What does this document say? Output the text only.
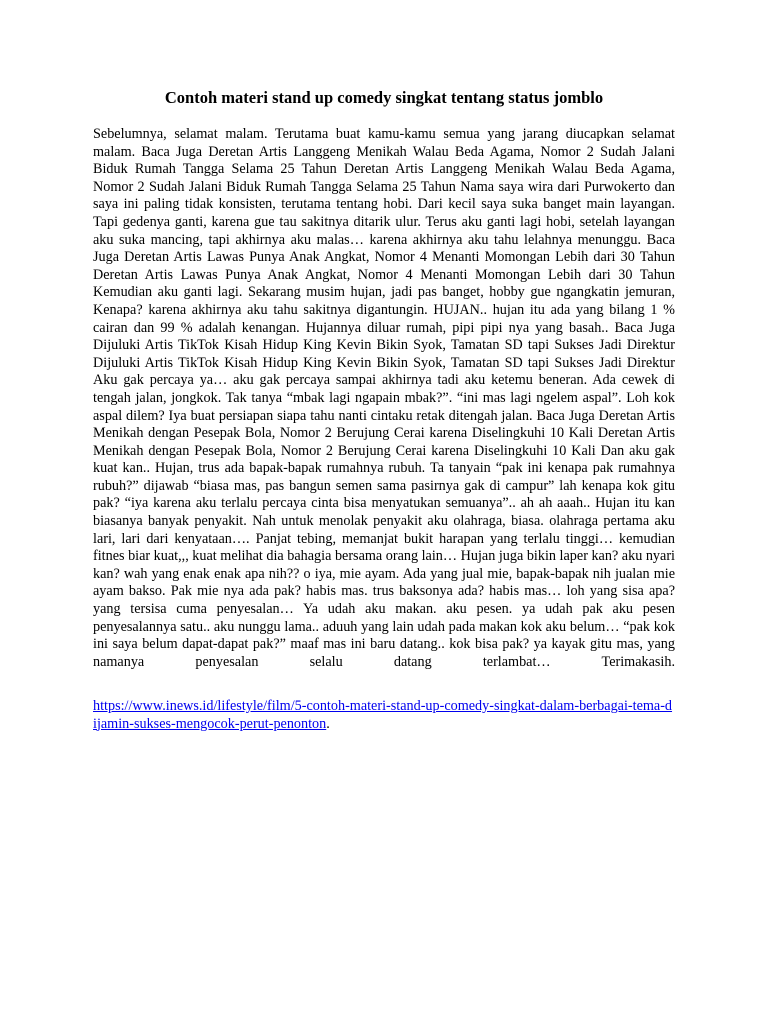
Contoh materi stand up comedy singkat tentang status jomblo

Sebelumnya, selamat malam. Terutama buat kamu-kamu semua yang jarang diucapkan selamat malam. Baca Juga Deretan Artis Langgeng Menikah Walau Beda Agama, Nomor 2 Sudah Jalani Biduk Rumah Tangga Selama 25 Tahun Deretan Artis Langgeng Menikah Walau Beda Agama, Nomor 2 Sudah Jalani Biduk Rumah Tangga Selama 25 Tahun Nama saya wira dari Purwokerto dan saya ini paling tidak konsisten, terutama tentang hobi. Dari kecil saya suka banget main layangan. Tapi gedenya ganti, karena gue tau sakitnya ditarik ulur. Terus aku ganti lagi hobi, setelah layangan aku suka mancing, tapi akhirnya aku malas… karena akhirnya aku tahu lelahnya menunggu. Baca Juga Deretan Artis Lawas Punya Anak Angkat, Nomor 4 Menanti Momongan Lebih dari 30 Tahun Deretan Artis Lawas Punya Anak Angkat, Nomor 4 Menanti Momongan Lebih dari 30 Tahun Kemudian aku ganti lagi. Sekarang musim hujan, jadi pas banget, hobby gue ngangkatin jemuran, Kenapa? karena akhirnya aku tahu sakitnya digantungin. HUJAN.. hujan itu ada yang bilang 1 % cairan dan 99 % adalah kenangan. Hujannya diluar rumah, pipi pipi nya yang basah.. Baca Juga Dijuluki Artis TikTok Kisah Hidup King Kevin Bikin Syok, Tamatan SD tapi Sukses Jadi Direktur Dijuluki Artis TikTok Kisah Hidup King Kevin Bikin Syok, Tamatan SD tapi Sukses Jadi Direktur Aku gak percaya ya… aku gak percaya sampai akhirnya tadi aku ketemu beneran. Ada cewek di tengah jalan, jongkok. Tak tanya “mbak lagi ngapain mbak?”. “ini mas lagi ngelem aspal”. Loh kok aspal dilem? Iya buat persiapan siapa tahu nanti cintaku retak ditengah jalan. Baca Juga Deretan Artis Menikah dengan Pesepak Bola, Nomor 2 Berujung Cerai karena Diselingkuhi 10 Kali Deretan Artis Menikah dengan Pesepak Bola, Nomor 2 Berujung Cerai karena Diselingkuhi 10 Kali Dan aku gak kuat kan.. Hujan, trus ada bapak-bapak rumahnya rubuh. Ta tanyain “pak ini kenapa pak rumahnya rubuh?” dijawab “biasa mas, pas bangun semen sama pasirnya gak di campur” lah kenapa kok gitu pak? “iya karena aku terlalu percaya cinta bisa menyatukan semuanya”.. ah ah aaah.. Hujan itu kan biasanya banyak penyakit. Nah untuk menolak penyakit aku olahraga, biasa. olahraga pertama aku lari, lari dari kenyataan…. Panjat tebing, memanjat bukit harapan yang terlalu tinggi… kemudian fitnes biar kuat,,, kuat melihat dia bahagia bersama orang lain… Hujan juga bikin laper kan? aku nyari kan? wah yang enak enak apa nih?? o iya, mie ayam. Ada yang jual mie, bapak-bapak nih jualan mie ayam bakso. Pak mie nya ada pak? habis mas. trus baksonya ada? habis mas… loh yang sisa apa? yang tersisa cuma penyesalan… Ya udah aku makan. aku pesen. ya udah pak aku pesen penyesalannya satu.. aku nunggu lama.. aduuh yang lain udah pada makan kok aku belum… “pak kok ini saya belum dapat-dapat pak?” maaf mas ini baru datang.. kok bisa pak? ya kayak gitu mas, yang namanya penyesalan selalu datang terlambat… Terimakasih.

https://www.inews.id/lifestyle/film/5-contoh-materi-stand-up-comedy-singkat-dalam-berbagai-tema-dijamin-sukses-mengocok-perut-penonton.
